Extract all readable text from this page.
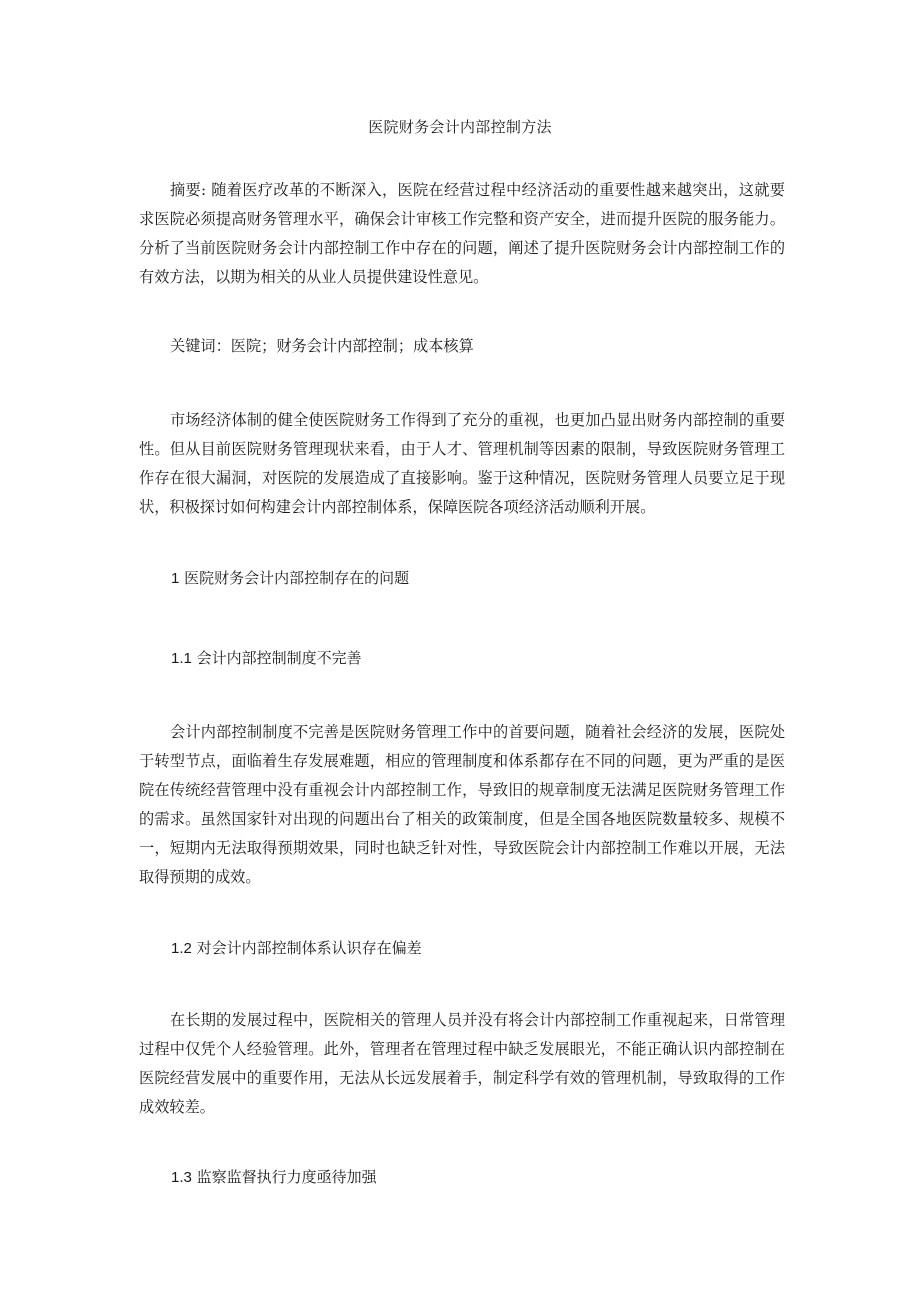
医院财务会计内部控制方法

摘要: 随着医疗改革的不断深入，医院在经营过程中经济活动的重要性越来越突出，这就要求医院必须提高财务管理水平，确保会计审核工作完整和资产安全，进而提升医院的服务能力。分析了当前医院财务会计内部控制工作中存在的问题，阐述了提升医院财务会计内部控制工作的有效方法，以期为相关的从业人员提供建设性意见。

关键词：医院；财务会计内部控制；成本核算

市场经济体制的健全使医院财务工作得到了充分的重视，也更加凸显出财务内部控制的重要性。但从目前医院财务管理现状来看，由于人才、管理机制等因素的限制，导致医院财务管理工作存在很大漏洞，对医院的发展造成了直接影响。鉴于这种情况，医院财务管理人员要立足于现状，积极探讨如何构建会计内部控制体系，保障医院各项经济活动顺利开展。

1 医院财务会计内部控制存在的问题
1.1 会计内部控制制度不完善

会计内部控制制度不完善是医院财务管理工作中的首要问题，随着社会经济的发展，医院处于转型节点，面临着生存发展难题，相应的管理制度和体系都存在不同的问题，更为严重的是医院在传统经营管理中没有重视会计内部控制工作，导致旧的规章制度无法满足医院财务管理工作的需求。虽然国家针对出现的问题出台了相关的政策制度，但是全国各地医院数量较多、规模不一，短期内无法取得预期效果，同时也缺乏针对性，导致医院会计内部控制工作难以开展，无法取得预期的成效。

1.2 对会计内部控制体系认识存在偏差

在长期的发展过程中，医院相关的管理人员并没有将会计内部控制工作重视起来，日常管理过程中仅凭个人经验管理。此外，管理者在管理过程中缺乏发展眼光，不能正确认识内部控制在医院经营发展中的重要作用，无法从长远发展着手，制定科学有效的管理机制，导致取得的工作成效较差。

1.3 监察监督执行力度亟待加强
